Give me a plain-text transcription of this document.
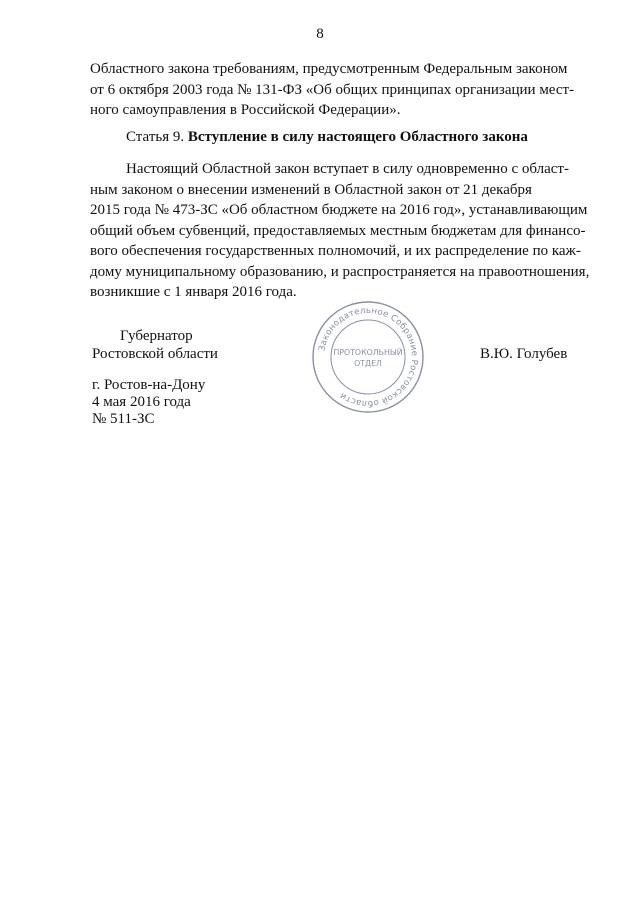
8
Областного закона требованиям, предусмотренным Федеральным законом
от 6 октября 2003 года № 131-ФЗ «Об общих принципах организации мест-
ного самоуправления в Российской Федерации».
Статья 9. Вступление в силу настоящего Областного закона
Настоящий Областной закон вступает в силу одновременно с област-
ным законом о внесении изменений в Областной закон от 21 декабря
2015 года № 473-ЗС «Об областном бюджете на 2016 год», устанавливающим
общий объем субвенций, предоставляемых местным бюджетам для финансо-
вого обеспечения государственных полномочий, и их распределение по каж-
дому муниципальному образованию, и распространяется на правоотношения,
возникшие с 1 января 2016 года.
Губернатор
Ростовской области	Законодательное Собрание Ростовской области
ПРОТОКОЛЬНЫЙ
ОТДЕЛ
В.Ю. Голубев
г. Ростов-на-Дону
4 мая 2016 года
№ 511-ЗС
